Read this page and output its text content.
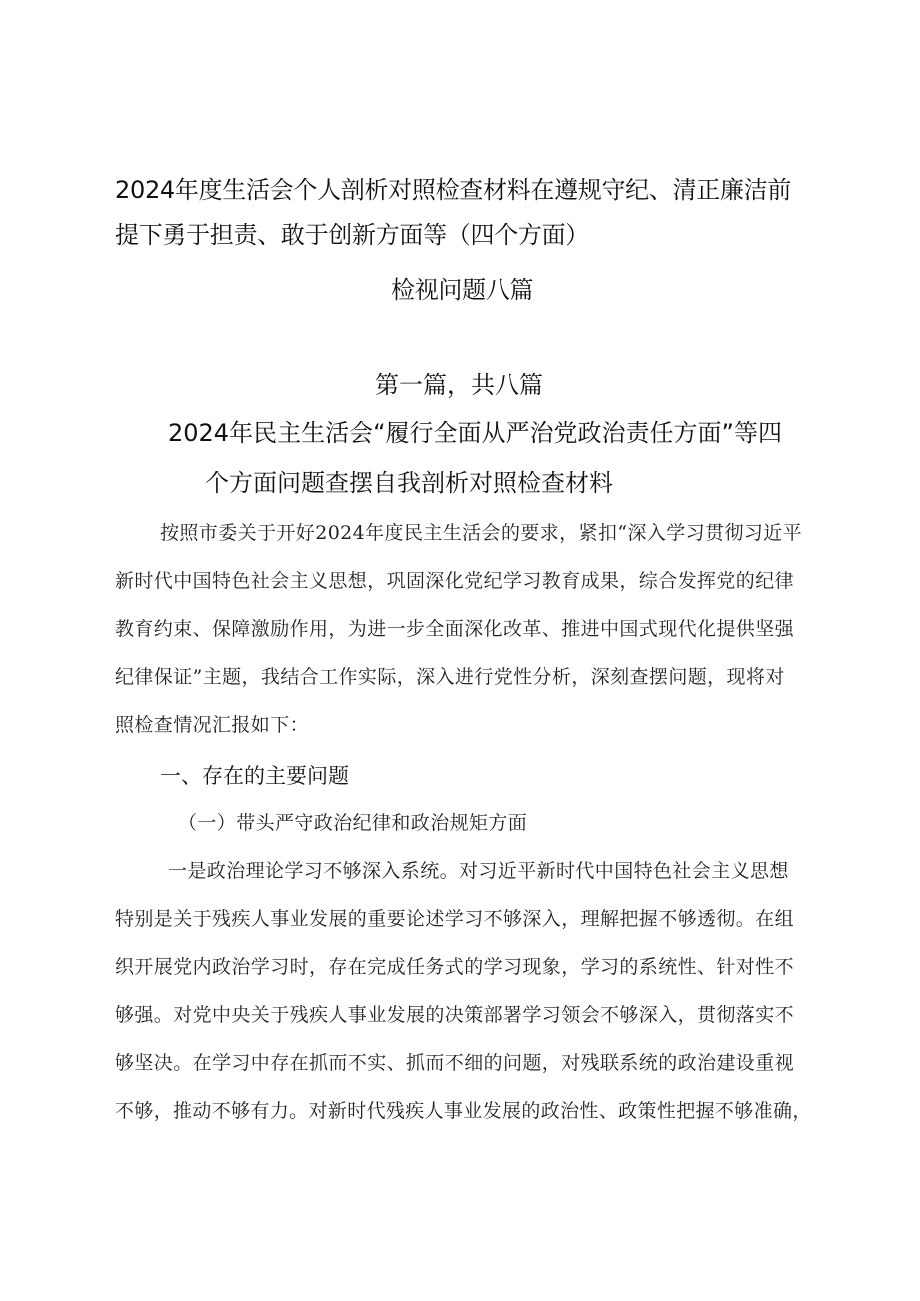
2024年度生活会个人剖析对照检查材料在遵规守纪、清正廉洁前

提下勇于担责、敢于创新方面等（四个方面）

检视问题八篇

第一篇，共八篇

2024年民主生活会“履行全面从严治党政治责任方面”等四

个方面问题查摆自我剖析对照检查材料

按照市委关于开好2024年度民主生活会的要求，紧扣“深入学习贯彻习近平

新时代中国特色社会主义思想，巩固深化党纪学习教育成果，综合发挥党的纪律

教育约束、保障激励作用，为进一步全面深化改革、推进中国式现代化提供坚强

纪律保证”主题，我结合工作实际，深入进行党性分析，深刻查摆问题，现将对

照检查情况汇报如下：

一、存在的主要问题

（一）带头严守政治纪律和政治规矩方面

一是政治理论学习不够深入系统。对习近平新时代中国特色社会主义思想

特别是关于残疾人事业发展的重要论述学习不够深入，理解把握不够透彻。在组

织开展党内政治学习时，存在完成任务式的学习现象，学习的系统性、针对性不

够强。对党中央关于残疾人事业发展的决策部署学习领会不够深入，贯彻落实不

够坚决。在学习中存在抓而不实、抓而不细的问题，对残联系统的政治建设重视

不够，推动不够有力。对新时代残疾人事业发展的政治性、政策性把握不够准确，
